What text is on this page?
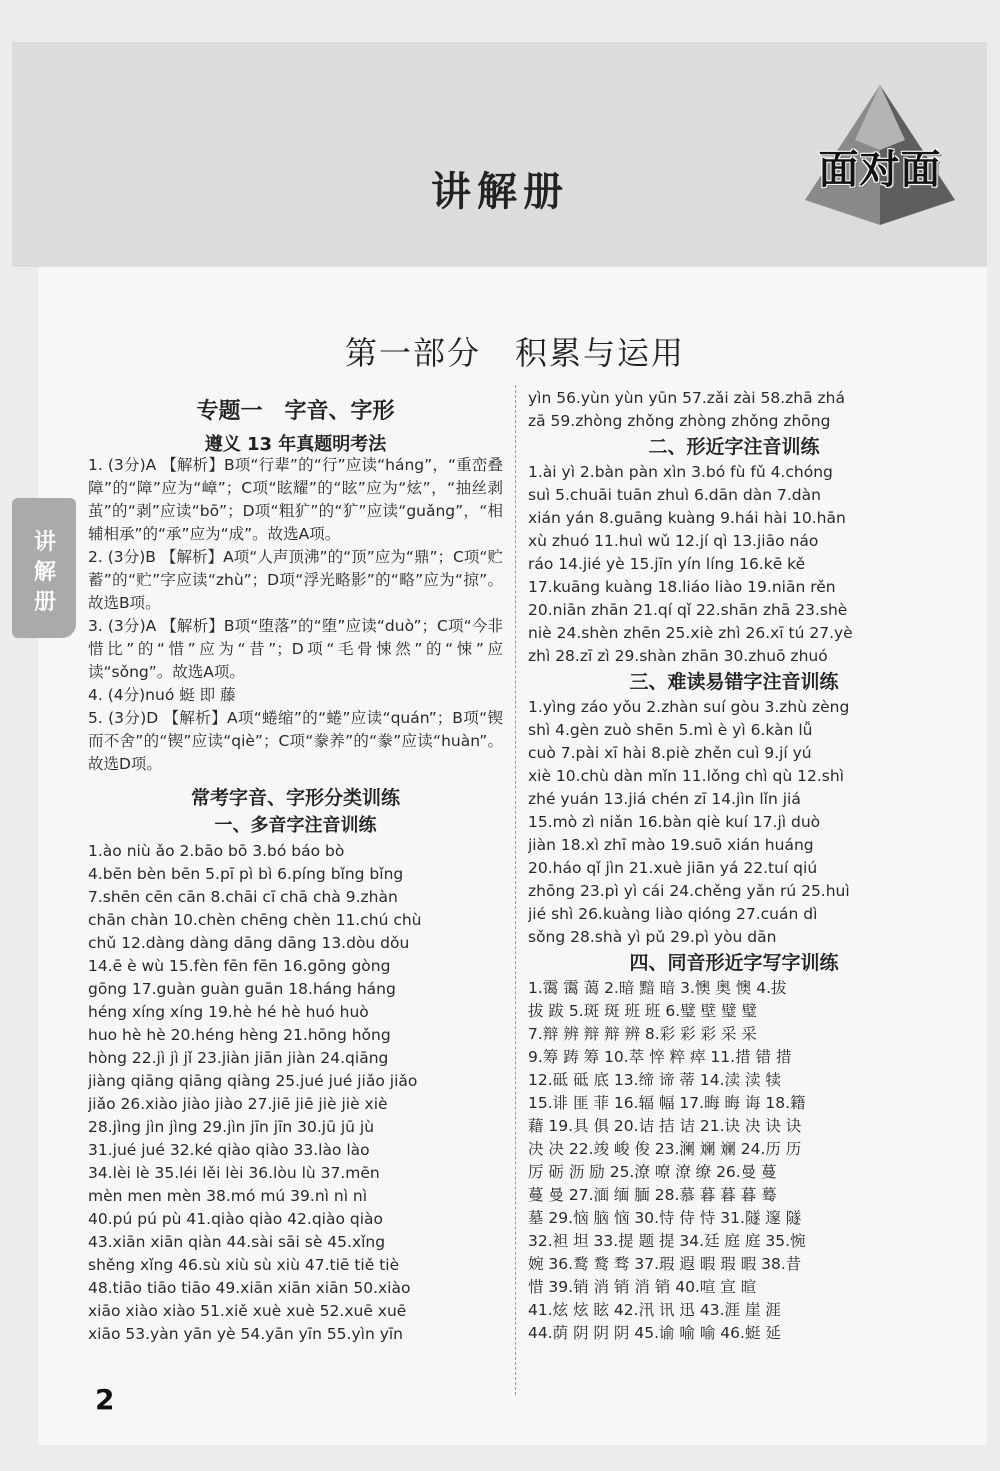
讲解册	面对面
讲解册
第一部分　积累与运用
专题一　字音、字形
遵义 13 年真题明考法

1. (3分)A 【解析】B项“行辈”的“行”应读“háng”，“重峦叠障”的“障”应为“嶂”；C项“眩耀”的“眩”应为“炫”，“抽丝剥茧”的“剥”应读“bō”；D项“粗犷”的“犷”应读“guǎng”，“相辅相承”的“承”应为“成”。故选A项。

2. (3分)B 【解析】A项“人声顶沸”的“顶”应为“鼎”；C项“贮蓄”的“贮”字应读“zhù”；D项“浮光略影”的“略”应为“掠”。故选B项。

3. (3分)A 【解析】B项“堕落”的“堕”应读“duò”；C项“今非惜比”的“惜”应为“昔”；D项“毛骨悚然”的“悚”应读“sǒng”。故选A项。

4. (4分)nuó 蜓 即 藤

5. (3分)D 【解析】A项“蜷缩”的“蜷”应读“quán”；B项“锲而不舍”的“锲”应读“qiè”；C项“豢养”的“豢”应读“huàn”。故选D项。

常考字音、字形分类训练
一、多音字注音训练

1.ào niù ǎo 2.bāo bō 3.bó báo bò

4.bēn bèn bēn 5.pī pì bì 6.píng bǐng bǐng

7.shēn cēn cān 8.chāi cī chā chà 9.zhàn

chān chàn 10.chèn chēng chèn 11.chú chù

chǔ 12.dàng dàng dāng dāng 13.dòu dǒu

14.ē è wù 15.fèn fēn fēn 16.gōng gòng

gōng 17.guàn guàn guān 18.háng háng

héng xíng xíng 19.hè hé hè huó huò

huo hè hè 20.héng hèng 21.hōng hǒng

hòng 22.jì jì jǐ 23.jiàn jiān jiàn 24.qiāng

jiàng qiāng qiāng qiàng 25.jué jué jiǎo jiǎo

jiǎo 26.xiào jiào jiào 27.jiē jiē jiè jiè xiè

28.jìng jìn jìng 29.jìn jīn jīn 30.jū jū jù

31.jué jué 32.ké qiào qiào 33.lào lào

34.lèi lè 35.léi lěi lèi 36.lòu lù 37.mēn

mèn men mèn 38.mó mú 39.nì nì nì

40.pú pú pù 41.qiào qiào 42.qiào qiào

43.xiān xiān qiàn 44.sài sāi sè 45.xǐng

shěng xǐng 46.sù xiù sù xiù 47.tiē tiě tiè

48.tiāo tiāo tiāo 49.xiān xiān xiān 50.xiào

xiāo xiào xiào 51.xiě xuè xuè 52.xuē xuē

xiāo 53.yàn yān yè 54.yān yīn 55.yìn yīn

yìn 56.yùn yùn yūn 57.zǎi zài 58.zhā zhá

zā 59.zhòng zhǒng zhòng zhǒng zhōng

二、形近字注音训练

1.ài yì 2.bàn pàn xìn 3.bó fù fǔ 4.chóng

suì 5.chuāi tuān zhuì 6.dān dàn 7.dàn

xián yán 8.guāng kuàng 9.hái hài 10.hān

xù zhuó 11.huì wǔ 12.jí qì 13.jiāo náo

ráo 14.jié yè 15.jīn yín líng 16.kē kě

17.kuāng kuàng 18.liáo liào 19.niān rěn

20.niān zhān 21.qí qǐ 22.shān zhā 23.shè

niè 24.shèn zhēn 25.xiè zhì 26.xī tú 27.yè

zhì 28.zī zì 29.shàn zhān 30.zhuō zhuó

三、难读易错字注音训练

1.yìng záo yǒu 2.zhàn suí gòu 3.zhù zèng

shì 4.gèn zuò shēn 5.mì è yì 6.kàn lǚ

cuò 7.pài xī hài 8.piè zhěn cuì 9.jí yú

xiè 10.chù dàn mǐn 11.lǒng chì qù 12.shì

zhé yuán 13.jiá chén zī 14.jìn lǐn jiá

15.mò zì niǎn 16.bàn qiè kuí 17.jì duò

jiàn 18.xì zhī mào 19.suō xián huáng

20.háo qǐ jìn 21.xuè jiān yá 22.tuí qiú

zhōng 23.pì yì cái 24.chěng yǎn rú 25.huì

jié shì 26.kuàng liào qióng 27.cuán dì

sǒng 28.shà yì pǔ 29.pì yòu dān

四、同音形近字写字训练

1.霭 霭 蔼 2.暗 黯 暗 3.懊 奥 懊 4.拔

拔 跋 5.斑 斑 班 班 6.璧 壁 璧 璧

7.辩 辨 辩 辩 辨 8.彩 彩 彩 采 采

9.筹 踌 筹 10.萃 悴 粹 瘁 11.措 错 措

12.砥 砥 底 13.缔 谛 蒂 14.渎 渎 犊

15.诽 匪 菲 16.辐 幅 17.晦 晦 诲 18.籍

藉 19.具 俱 20.诘 拮 诘 21.诀 决 诀 诀

决 决 22.竣 峻 俊 23.澜 斓 斓 24.历 历

厉 砺 沥 励 25.潦 嘹 潦 缭 26.曼 蔓

蔓 曼 27.湎 缅 腼 28.慕 暮 暮 暮 蓦

墓 29.恼 脑 恼 30.恃 侍 恃 31.隧 邃 隧

32.袒 坦 33.提 题 提 34.廷 庭 庭 35.惋

婉 36.鹜 鹜 骛 37.瑕 遐 暇 瑕 暇 38.昔

惜 39.销 消 销 消 销 40.喧 宣 暄

41.炫 炫 眩 42.汛 讯 迅 43.涯 崖 涯

44.荫 阴 阴 阴 45.谕 喻 喻 46.蜓 延

2
